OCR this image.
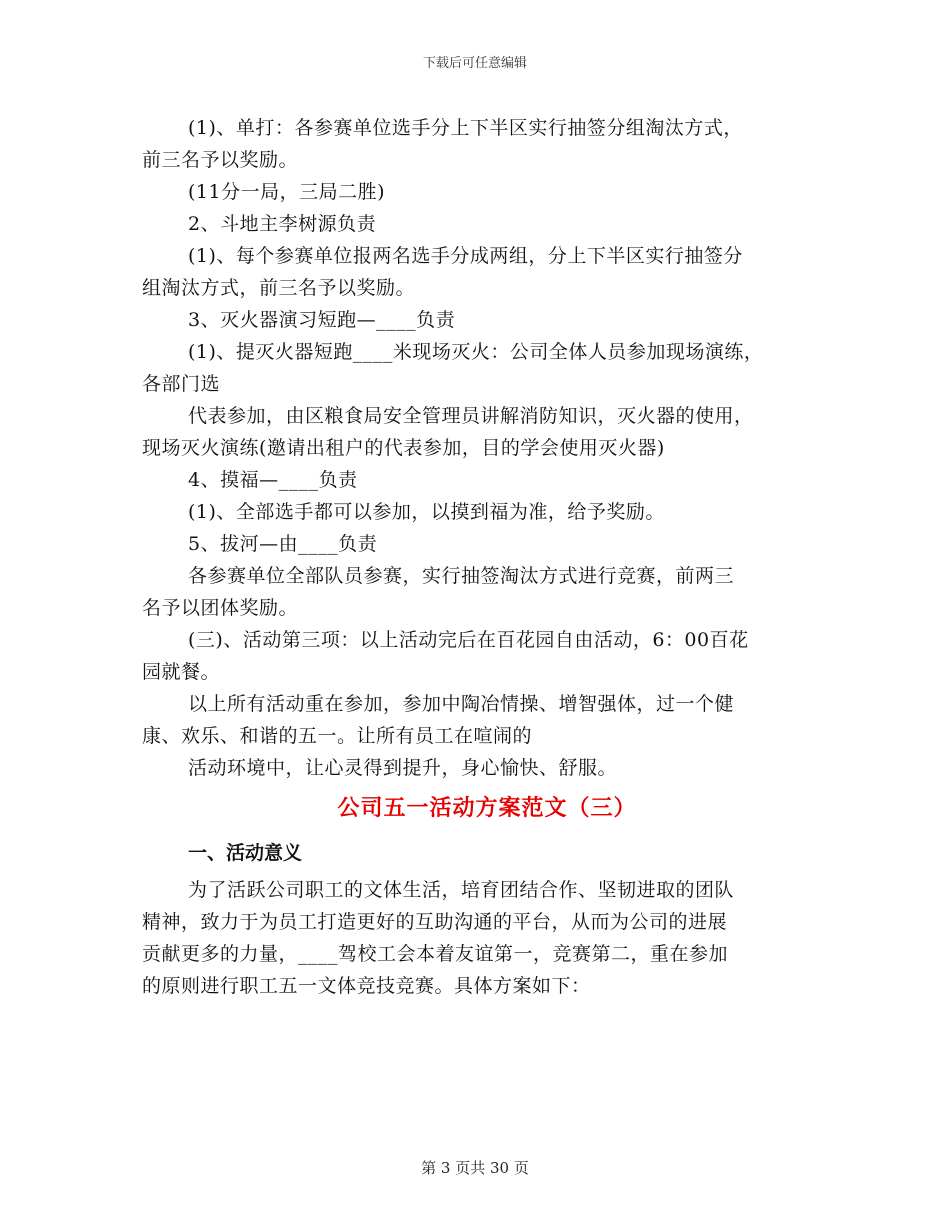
下载后可任意编辑
(1)、单打：各参赛单位选手分上下半区实行抽签分组淘汰方式，
前三名予以奖励。
(11分一局，三局二胜)
2、斗地主李树源负责
(1)、每个参赛单位报两名选手分成两组，分上下半区实行抽签分
组淘汰方式，前三名予以奖励。
3、灭火器演习短跑—____负责
(1)、提灭火器短跑____米现场灭火：公司全体人员参加现场演练，
各部门选
代表参加，由区粮食局安全管理员讲解消防知识，灭火器的使用，
现场灭火演练(邀请出租户的代表参加，目的学会使用灭火器)
4、摸福—____负责
(1)、全部选手都可以参加，以摸到福为准，给予奖励。
5、拔河—由____负责
各参赛单位全部队员参赛，实行抽签淘汰方式进行竞赛，前两三
名予以团体奖励。
(三)、活动第三项：以上活动完后在百花园自由活动，6：00百花
园就餐。
以上所有活动重在参加，参加中陶冶情操、增智强体，过一个健
康、欢乐、和谐的五一。让所有员工在喧闹的
活动环境中，让心灵得到提升，身心愉快、舒服。
公司五一活动方案范文（三）
一、活动意义
为了活跃公司职工的文体生活，培育团结合作、坚韧进取的团队
精神，致力于为员工打造更好的互助沟通的平台，从而为公司的进展
贡献更多的力量，____驾校工会本着友谊第一，竞赛第二，重在参加
的原则进行职工五一文体竞技竞赛。具体方案如下：
第 3 页共 30 页
